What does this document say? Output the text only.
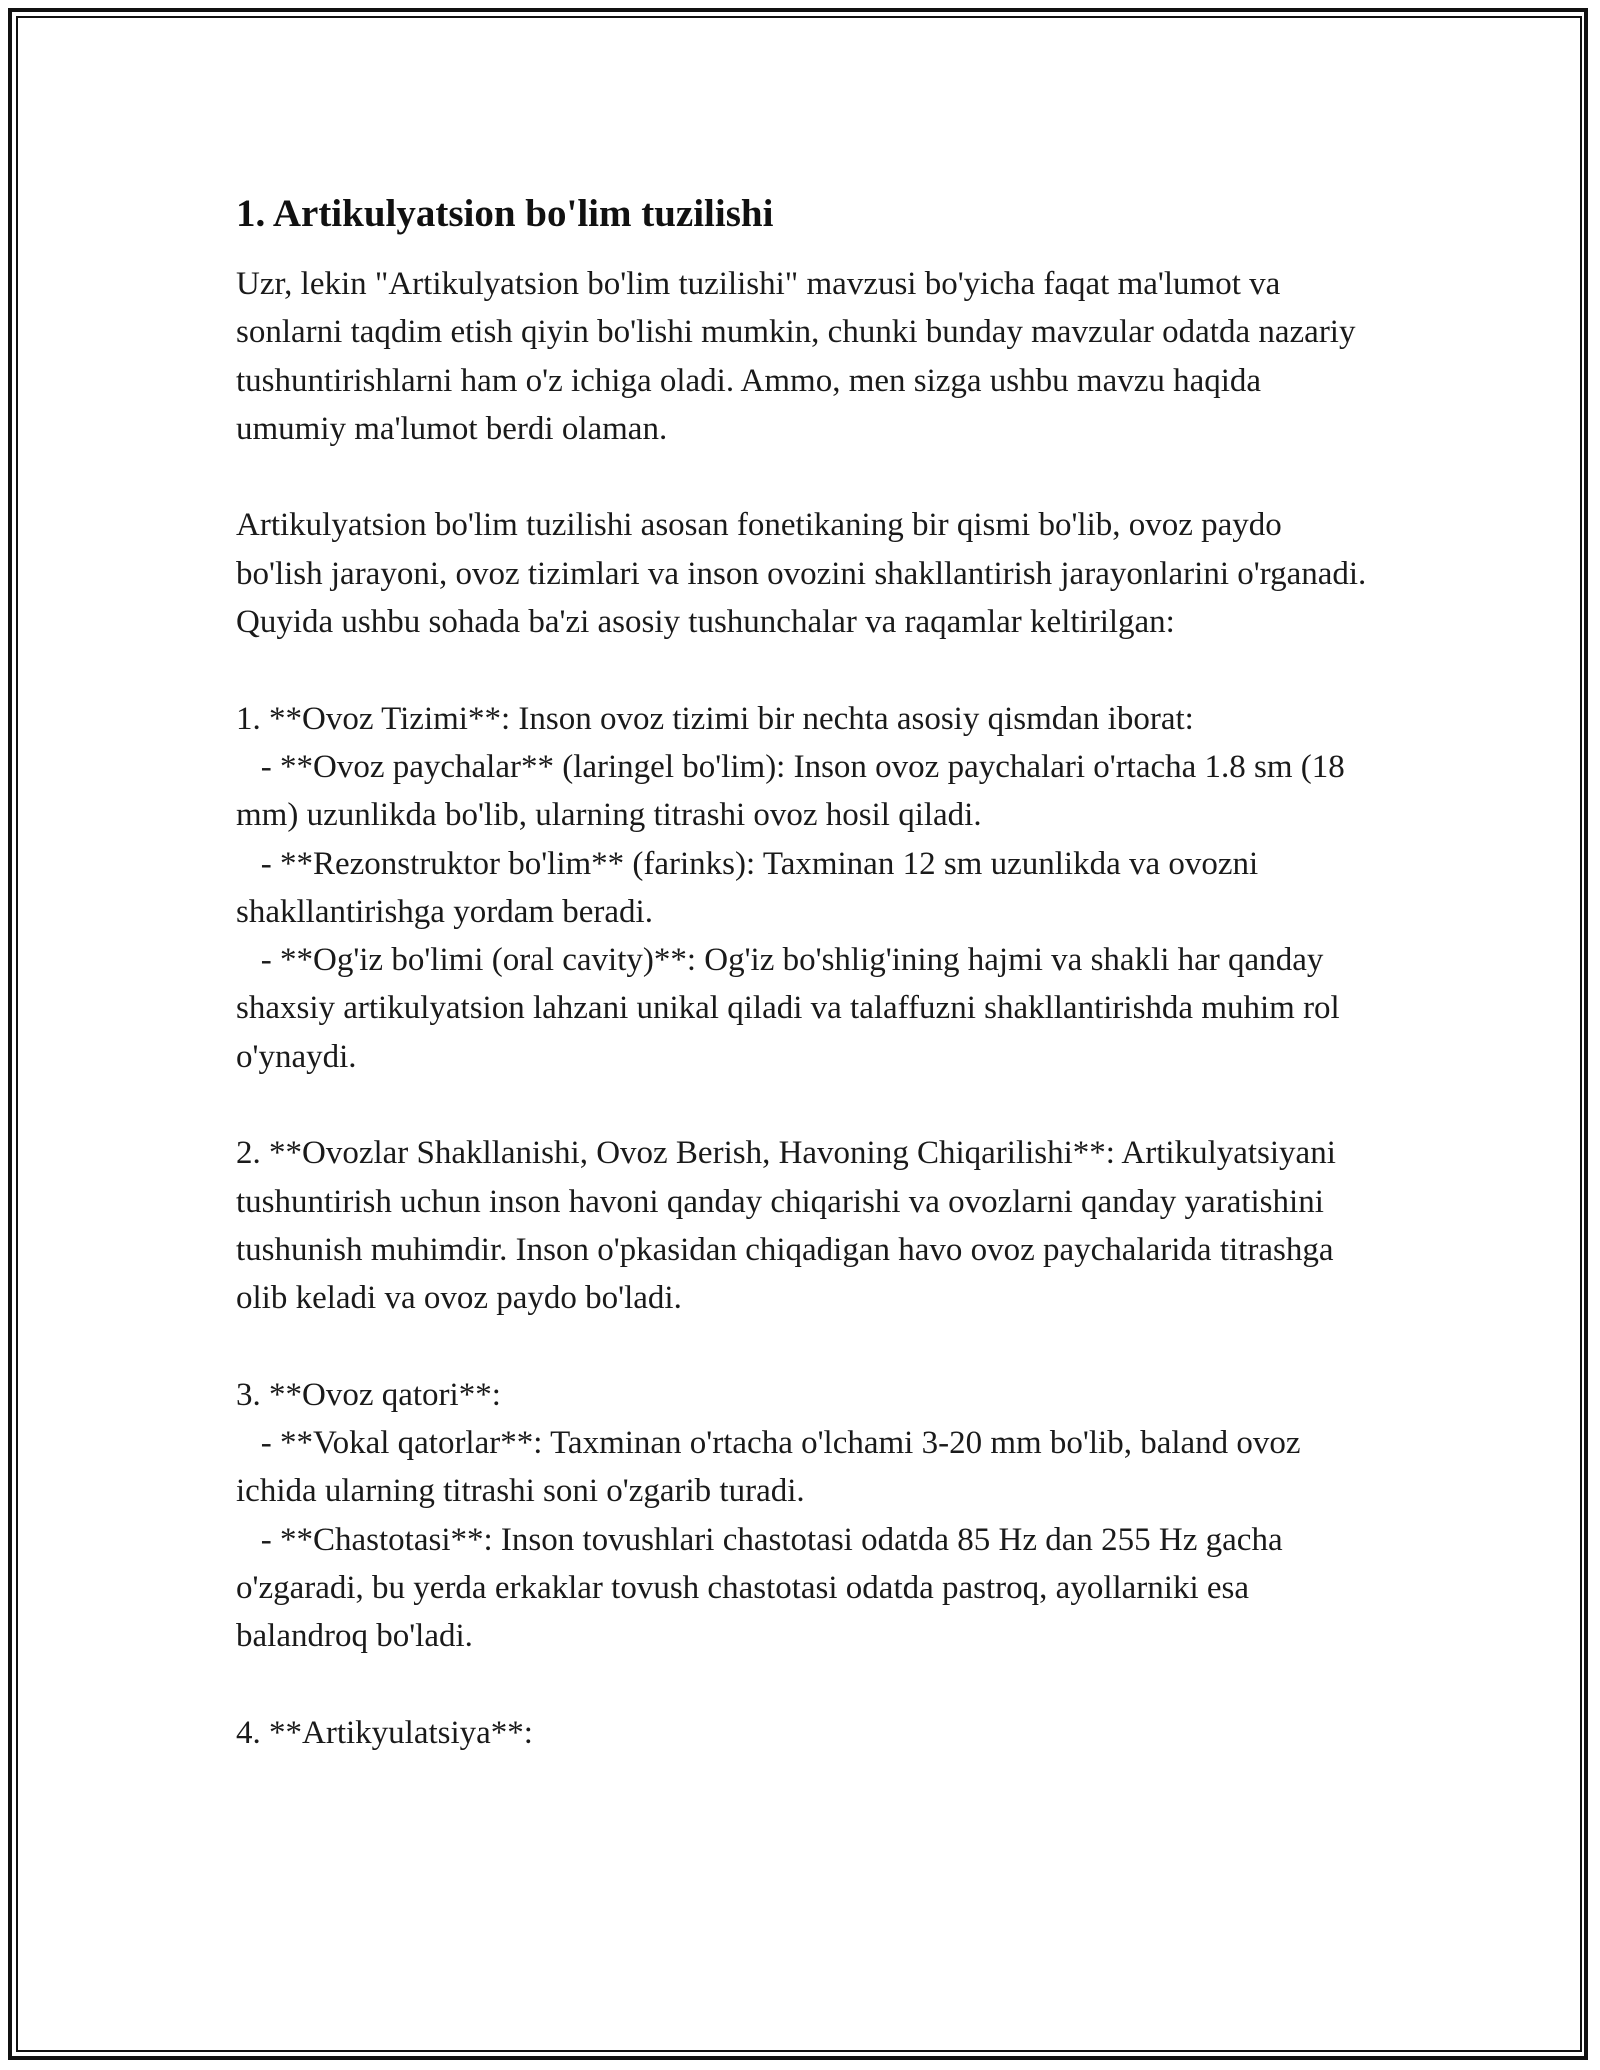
1. Artikulyatsion bo'lim tuzilishi

Uzr, lekin "Artikulyatsion bo'lim tuzilishi" mavzusi bo'yicha faqat ma'lumot va sonlarni taqdim etish qiyin bo'lishi mumkin, chunki bunday mavzular odatda nazariy tushuntirishlarni ham o'z ichiga oladi. Ammo, men sizga ushbu mavzu haqida umumiy ma'lumot berdi olaman.

Artikulyatsion bo'lim tuzilishi asosan fonetikaning bir qismi bo'lib, ovoz paydo bo'lish jarayoni, ovoz tizimlari va inson ovozini shakllantirish jarayonlarini o'rganadi. Quyida ushbu sohada ba'zi asosiy tushunchalar va raqamlar keltirilgan:

1. **Ovoz Tizimi**: Inson ovoz tizimi bir nechta asosiy qismdan iborat:
- **Ovoz paychalar** (laringel bo'lim): Inson ovoz paychalari o'rtacha 1.8 sm (18 mm) uzunlikda bo'lib, ularning titrashi ovoz hosil qiladi.
- **Rezonstruktor bo'lim** (farinks): Taxminan 12 sm uzunlikda va ovozni shakllantirishga yordam beradi.
- **Og'iz bo'limi (oral cavity)**: Og'iz bo'shlig'ining hajmi va shakli har qanday shaxsiy artikulyatsion lahzani unikal qiladi va talaffuzni shakllantirishda muhim rol o'ynaydi.

2. **Ovozlar Shakllanishi, Ovoz Berish, Havoning Chiqarilishi**: Artikulyatsiyani tushuntirish uchun inson havoni qanday chiqarishi va ovozlarni qanday yaratishini tushunish muhimdir. Inson o'pkasidan chiqadigan havo ovoz paychalarida titrashga olib keladi va ovoz paydo bo'ladi.

3. **Ovoz qatori**:
- **Vokal qatorlar**: Taxminan o'rtacha o'lchami 3-20 mm bo'lib, baland ovoz ichida ularning titrashi soni o'zgarib turadi.
- **Chastotasi**: Inson tovushlari chastotasi odatda 85 Hz dan 255 Hz gacha o'zgaradi, bu yerda erkaklar tovush chastotasi odatda pastroq, ayollarniki esa balandroq bo'ladi.

4. **Artikyulatsiya**:
